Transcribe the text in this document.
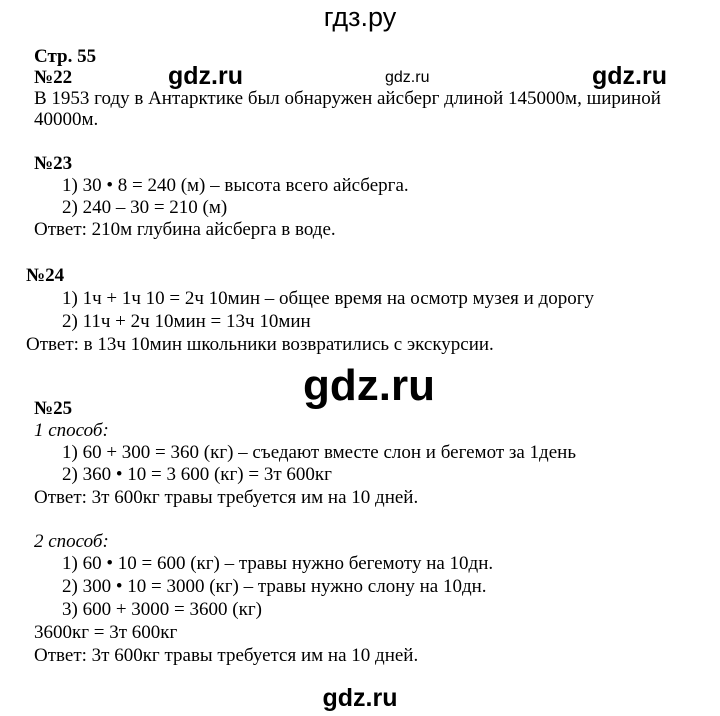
гдз.ру
gdz.ru	gdz.ru	gdz.ru
gdz.ru
gdz.ru
Стр. 55
№22
В 1953 году в Антарктике был обнаружен айсберг длиной 145000м, шириной
40000м.
№23
1) 30 • 8 = 240 (м) – высота всего айсберга.
2) 240 – 30 = 210 (м)
Ответ: 210м глубина айсберга в воде.
№24
1) 1ч + 1ч 10 = 2ч 10мин – общее время на осмотр музея и дорогу
2) 11ч + 2ч 10мин = 13ч 10мин
Ответ: в 13ч 10мин школьники возвратились с экскурсии.
№25
1 способ:
1) 60 + 300 = 360 (кг) – съедают вместе слон и бегемот за 1день
2) 360 • 10 = 3 600 (кг) = 3т 600кг
Ответ: 3т 600кг травы требуется им на 10 дней.
2 способ:
1) 60 • 10 = 600 (кг) – травы нужно бегемоту на 10дн.
2) 300 • 10 = 3000 (кг) – травы нужно слону на 10дн.
3) 600 + 3000 = 3600 (кг)
3600кг = 3т 600кг
Ответ: 3т 600кг травы требуется им на 10 дней.
